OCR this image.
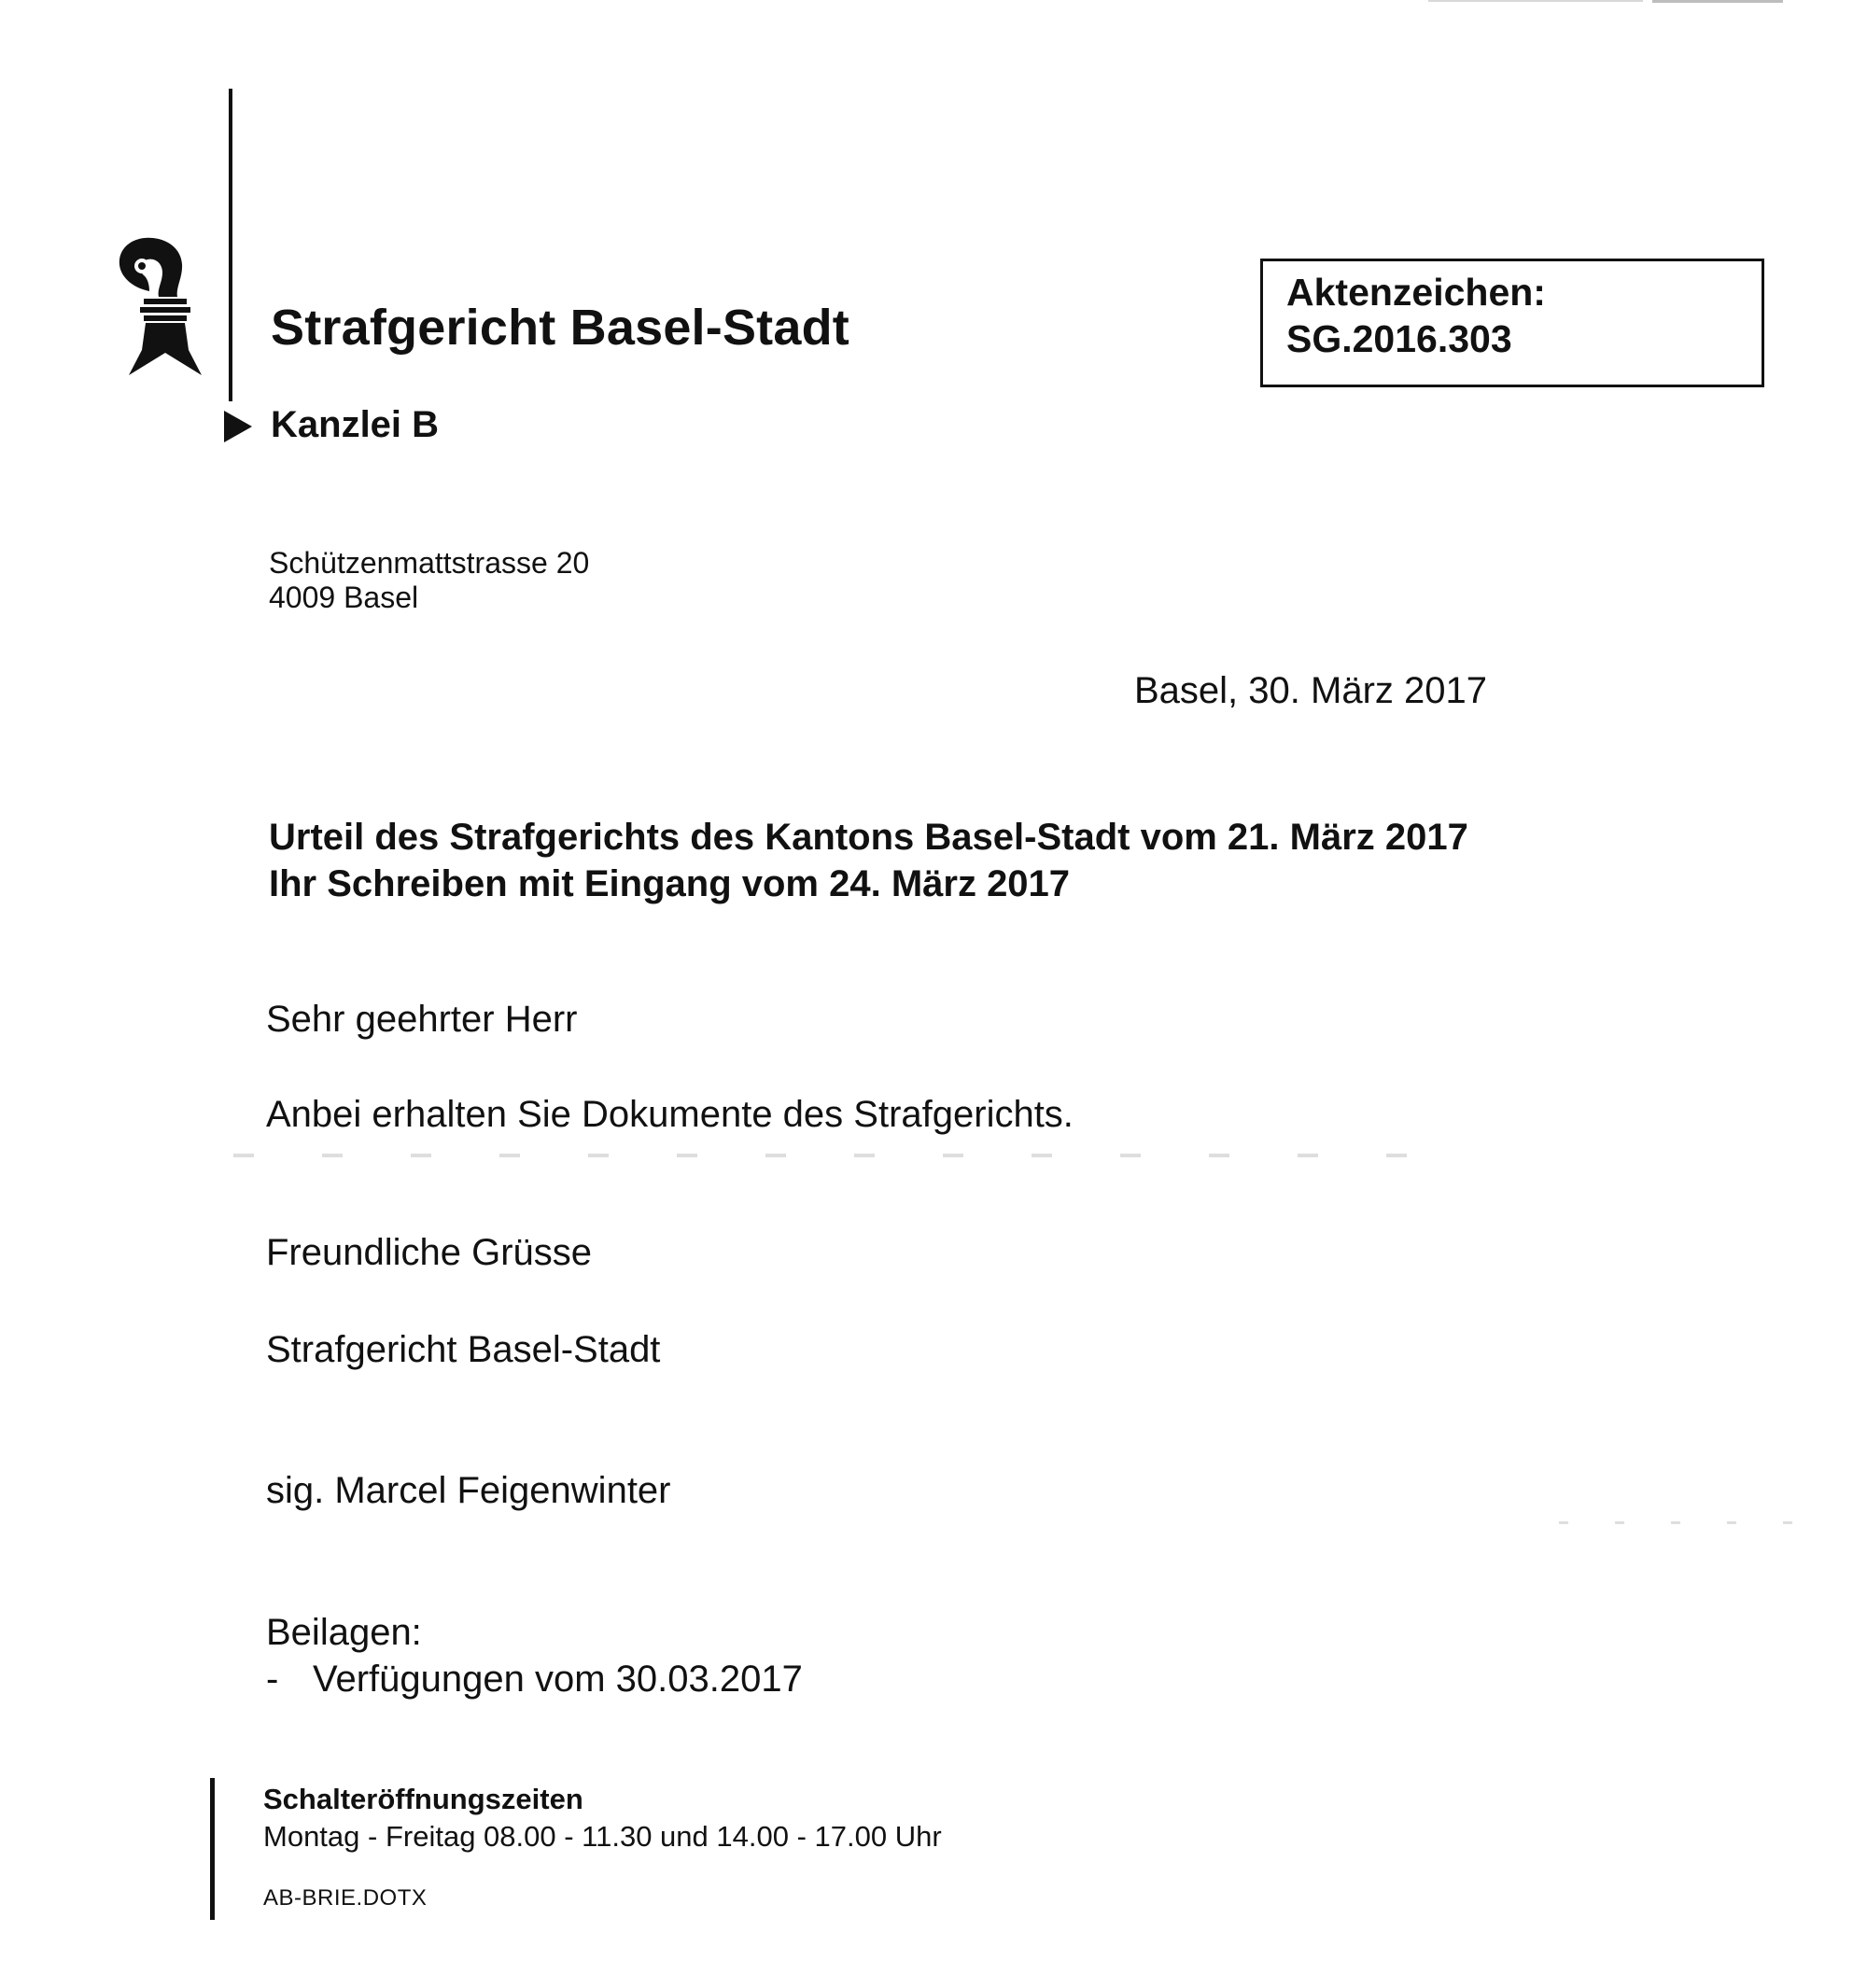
Strafgericht Basel-Stadt
Kanzlei B
Aktenzeichen:
SG.2016.303
Schützenmattstrasse 20
4009 Basel
Basel, 30. März 2017
Urteil des Strafgerichts des Kantons Basel-Stadt vom 21. März 2017
Ihr Schreiben mit Eingang vom 24. März 2017
Sehr geehrter Herr
Anbei erhalten Sie Dokumente des Strafgerichts.
Freundliche Grüsse
Strafgericht Basel-Stadt
sig. Marcel Feigenwinter
Beilagen:
- Verfügungen vom 30.03.2017
Schalteröffnungszeiten
Montag - Freitag 08.00 - 11.30 und 14.00 - 17.00 Uhr
AB-BRIE.DOTX
